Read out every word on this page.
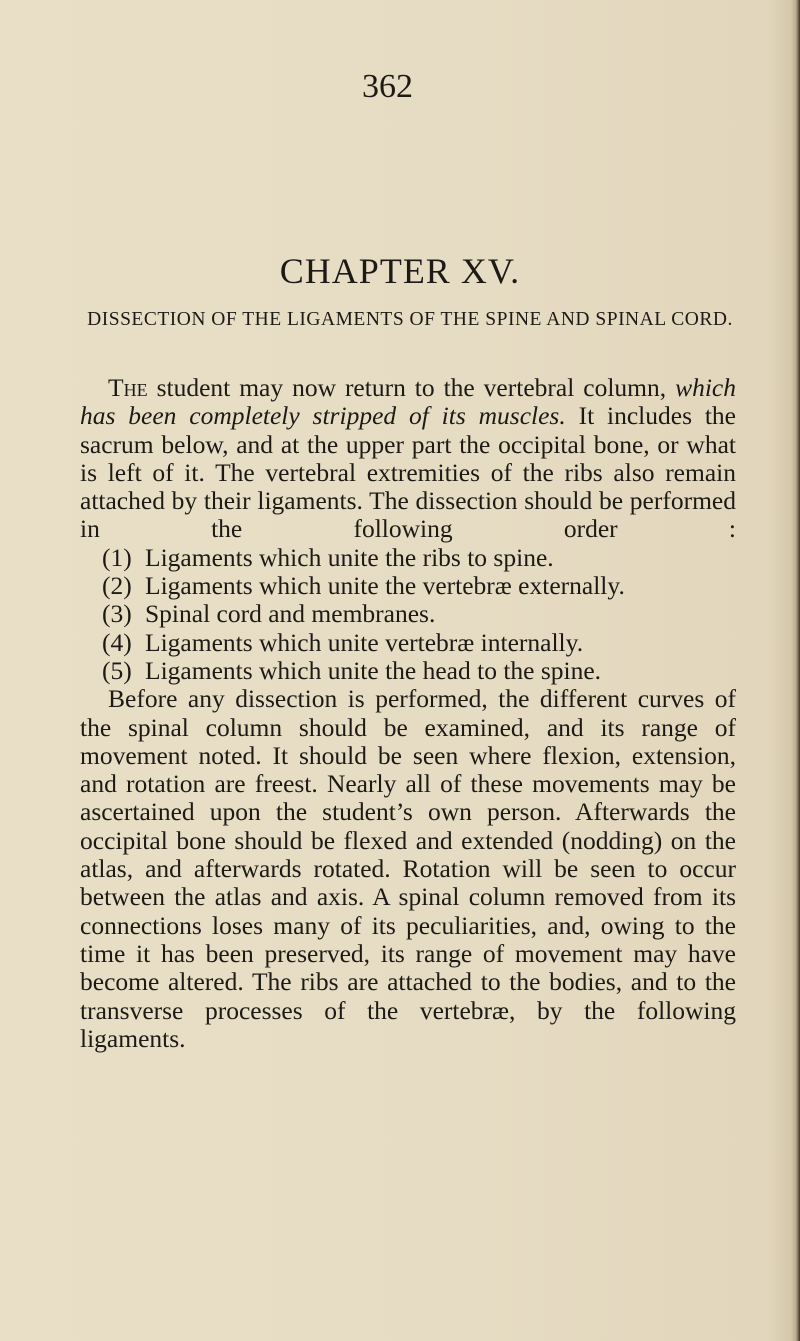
362
CHAPTER XV.
DISSECTION OF THE LIGAMENTS OF THE SPINE AND SPINAL CORD.

The student may now return to the vertebral column, which has been completely stripped of its muscles. It includes the sacrum below, and at the upper part the occipital bone, or what is left of it. The vertebral extremities of the ribs also remain attached by their ligaments. The dissection should be performed in the following order :

(1) Ligaments which unite the ribs to spine.
(2) Ligaments which unite the vertebræ externally.
(3) Spinal cord and membranes.
(4) Ligaments which unite vertebræ internally.
(5) Ligaments which unite the head to the spine.

Before any dissection is performed, the different curves of the spinal column should be examined, and its range of movement noted. It should be seen where flexion, extension, and rotation are freest. Nearly all of these movements may be ascertained upon the student’s own person. Afterwards the occipital bone should be flexed and extended (nodding) on the atlas, and afterwards rotated. Rotation will be seen to occur between the atlas and axis. A spinal column removed from its connections loses many of its peculiarities, and, owing to the time it has been preserved, its range of movement may have become altered. The ribs are attached to the bodies, and to the transverse processes of the vertebræ, by the following ligaments.
